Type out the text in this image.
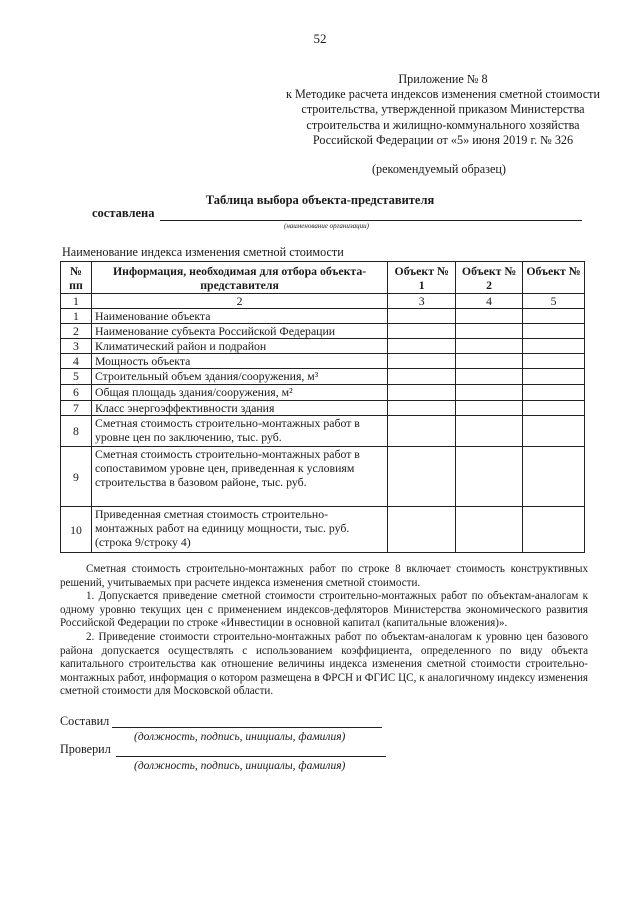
52
Приложение № 8
к Методике расчета индексов изменения сметной стоимости
строительства, утвержденной приказом Министерства
строительства и жилищно-коммунального хозяйства
Российской Федерации от «5» июня 2019 г. № 326
(рекомендуемый образец)
Таблица выбора объекта-представителя
составлена
(наименование организации)
Наименование индекса изменения сметной стоимости
№ пп	Информация, необходимая для отбора объекта-представителя	Объект № 1	Объект № 2	Объект №
1	2	3	4	5
1	Наименование объекта			
2	Наименование субъекта Российской Федерации			
3	Климатический район и подрайон			
4	Мощность объекта			
5	Строительный объем здания/сооружения, м³			
6	Общая площадь здания/сооружения, м²			
7	Класс энергоэффективности здания			
8	Сметная стоимость строительно-монтажных работ в уровне цен по заключению, тыс. руб.			
9	Сметная стоимость строительно-монтажных работ в сопоставимом уровне цен, приведенная к условиям строительства в базовом районе, тыс. руб.			
10	Приведенная сметная стоимость строительно-монтажных работ на единицу мощности, тыс. руб. (строка 9/строку 4)			

Сметная стоимость строительно-монтажных работ по строке 8 включает стоимость конструктивных решений, учитываемых при расчете индекса изменения сметной стоимости.

1. Допускается приведение сметной стоимости строительно-монтажных работ по объектам-аналогам к одному уровню текущих цен с применением индексов-дефляторов Министерства экономического развития Российской Федерации по строке «Инвестиции в основной капитал (капитальные вложения)».

2. Приведение стоимости строительно-монтажных работ по объектам-аналогам к уровню цен базового района допускается осуществлять с использованием коэффициента, определенного по виду объекта капитального строительства как отношение величины индекса изменения сметной стоимости строительно-монтажных работ, информация о котором размещена в ФРСН и ФГИС ЦС, к аналогичному индексу изменения сметной стоимости для Московской области.

Составил
(должность, подпись, инициалы, фамилия)
Проверил
(должность, подпись, инициалы, фамилия)
